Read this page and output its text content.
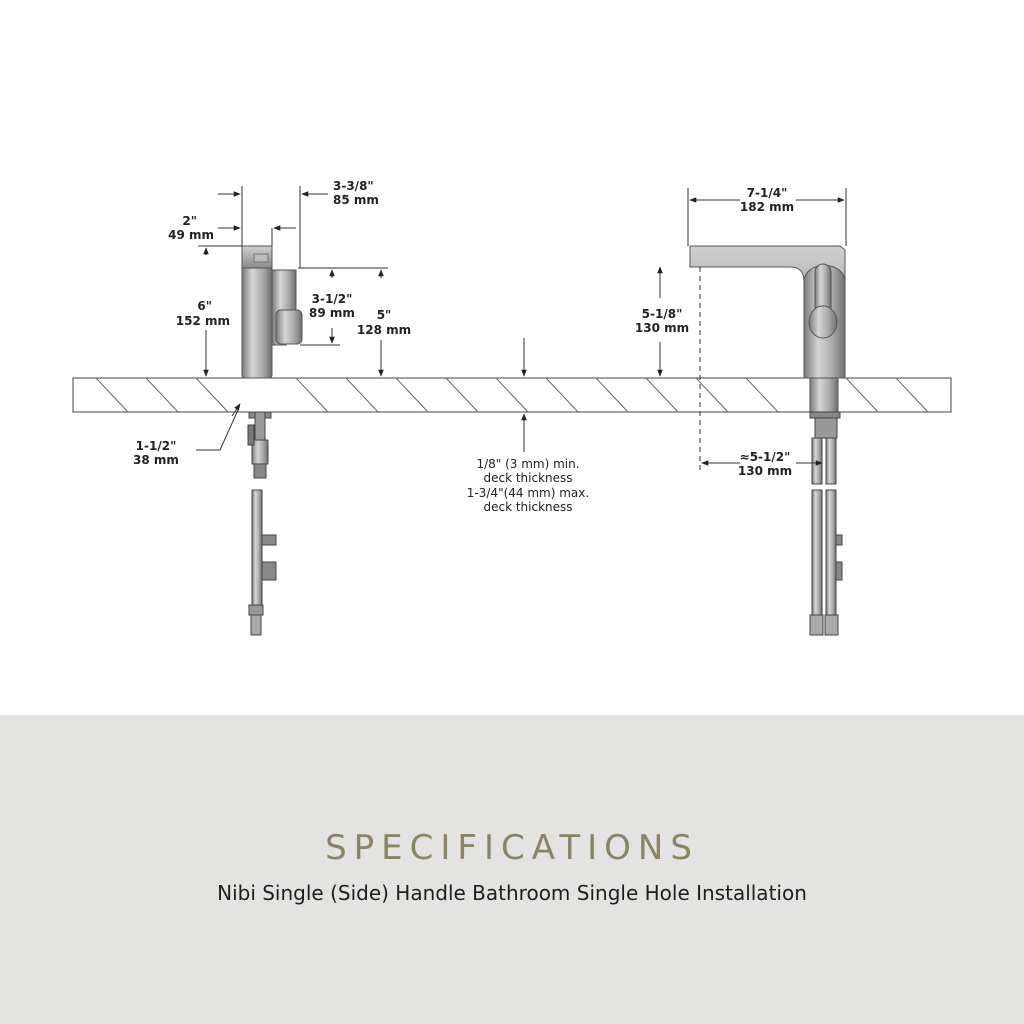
3-3/8"
85 mm
2"
49 mm
6"
152 mm
3-1/2"
89 mm 5"
128 mm
1-1/2"
38 mm	1/8" (3 mm) min.
deck thickness
1-3/4"(44 mm) max.
deck thickness
7-1/4"
182 mm
5-1/8"
130 mm
≈5-1/2"
130 mm
SPECIFICATIONS
Nibi Single (Side) Handle Bathroom Single Hole Installation
